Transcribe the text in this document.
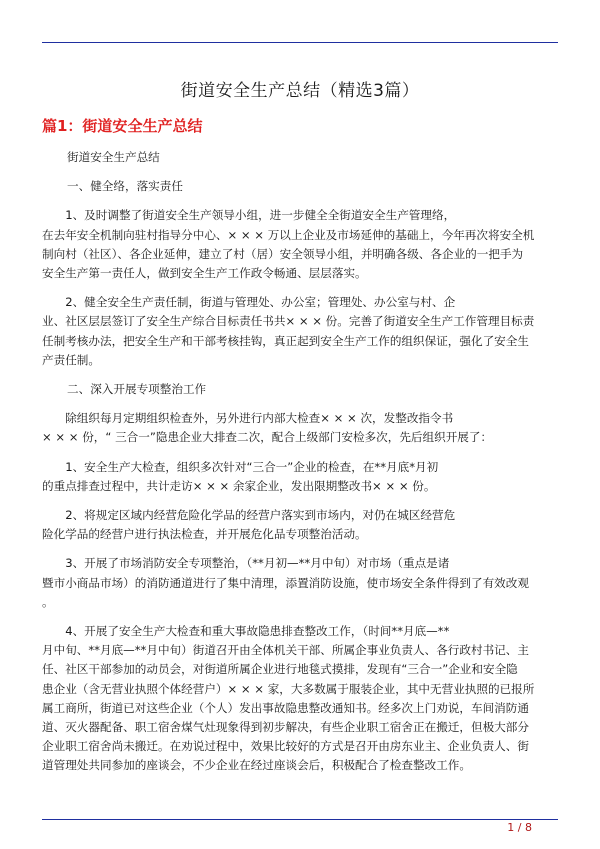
街道安全生产总结（精选3篇）
篇1：街道安全生产总结
街道安全生产总结
一、健全络，落实责任
　　1、及时调整了街道安全生产领导小组，进一步健全全街道安全生产管理络，
在去年安全机制向驻村指导分中心、× × × 万以上企业及市场延伸的基础上，今年再次将安全机
制向村（社区）、各企业延伸，建立了村（居）安全领导小组，并明确各级、各企业的一把手为
安全生产第一责任人，做到安全生产工作政令畅通、层层落实。
　　2、健全安全生产责任制，街道与管理处、办公室；管理处、办公室与村、企
业、社区层层签订了安全生产综合目标责任书共× × × 份。完善了街道安全生产工作管理目标责
任制考核办法，把安全生产和干部考核挂钩，真正起到安全生产工作的组织保证，强化了安全生
产责任制。
二、深入开展专项整治工作
　　除组织每月定期组织检查外，另外进行内部大检查× × × 次，发整改指令书
× × × 份，“ 三合一”隐患企业大排查二次，配合上级部门安检多次，先后组织开展了：
　　1、安全生产大检查，组织多次针对“三合一”企业的检查，在**月底*月初
的重点排查过程中，共计走访× × × 余家企业，发出限期整改书× × × 份。
　　2、将规定区域内经营危险化学品的经营户落实到市场内，对仍在城区经营危
险化学品的经营户进行执法检查，并开展危化品专项整治活动。
　　3、开展了市场消防安全专项整治，（**月初—**月中旬）对市场（重点是诸
暨市小商品市场）的消防通道进行了集中清理，添置消防设施，使市场安全条件得到了有效改观
。
　　4、开展了安全生产大检查和重大事故隐患排查整改工作，（时间**月底—**
月中旬、**月底—**月中旬）街道召开由全体机关干部、所属企事业负责人、各行政村书记、主
任、社区干部参加的动员会，对街道所属企业进行地毯式摸排，发现有“三合一”企业和安全隐
患企业（含无营业执照个体经营户）× × × 家，大多数属于服装企业，其中无营业执照的已报所
属工商所，街道已对这些企业（个人）发出事故隐患整改通知书。经多次上门劝说，车间消防通
道、灭火器配备、职工宿舍煤气灶现象得到初步解决，有些企业职工宿舍正在搬迁，但极大部分
企业职工宿舍尚未搬迁。在劝说过程中，效果比较好的方式是召开由房东业主、企业负责人、街
道管理处共同参加的座谈会，不少企业在经过座谈会后，积极配合了检查整改工作。
1 / 8
